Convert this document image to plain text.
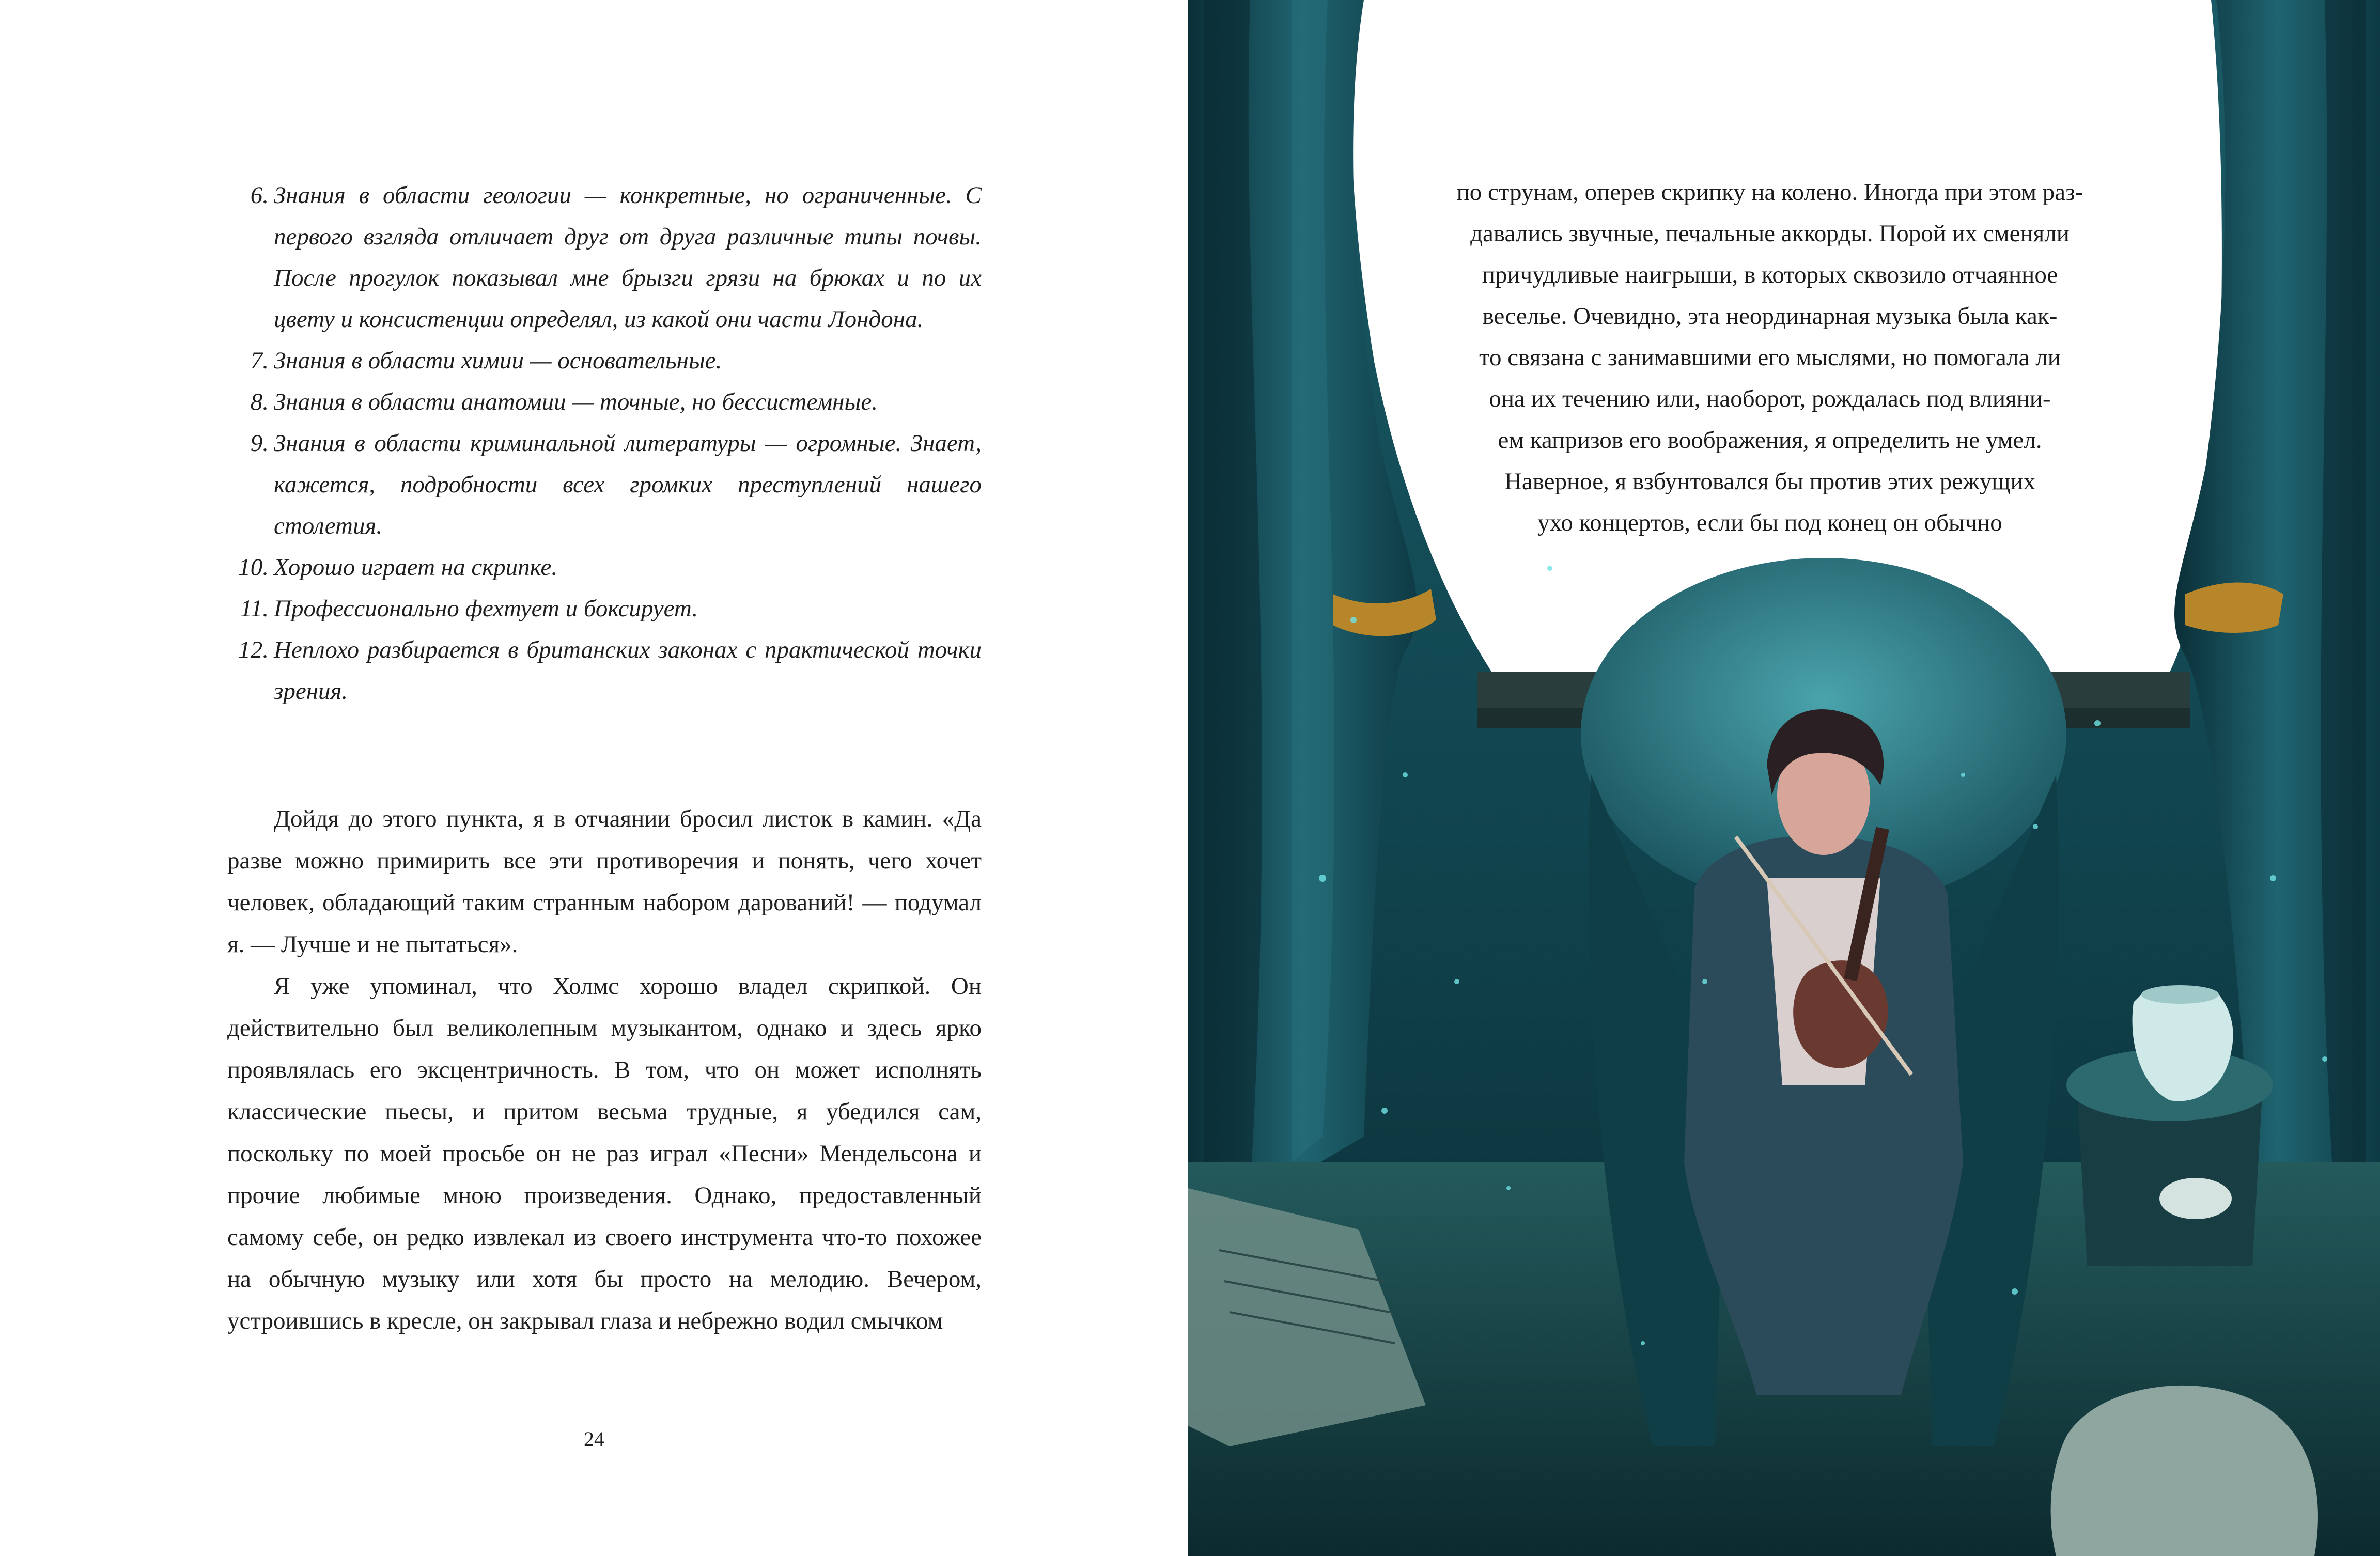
6. Знания в области геологии — конкретные, но ограниченные. С первого взгляда отличает друг от друга различные типы почвы. После прогулок показывал мне брызги грязи на брюках и по их цвету и консистенции определял, из какой они части Лондона.
7. Знания в области химии — основательные.
8. Знания в области анатомии — точные, но бессистемные.
9. Знания в области криминальной литературы — огромные. Знает, кажется, подробности всех громких преступлений нашего столетия.
10. Хорошо играет на скрипке.
11. Профессионально фехтует и боксирует.
12. Неплохо разбирается в британских законах с практической точки зрения.

Дойдя до этого пункта, я в отчаянии бросил листок в камин. «Да разве можно примирить все эти противоречия и понять, чего хочет человек, обладающий таким странным набором дарований! — подумал я. — Лучше и не пытаться».

Я уже упоминал, что Холмс хорошо владел скрипкой. Он действительно был великолепным музыкантом, однако и здесь ярко проявлялась его эксцентричность. В том, что он может исполнять классические пьесы, и притом весьма трудные, я убедился сам, поскольку по моей просьбе он не раз играл «Песни» Мендельсона и прочие любимые мною произведения. Однако, предоставленный самому себе, он редко извлекал из своего инструмента что-то похожее на обычную музыку или хотя бы просто на мелодию. Вечером, устроившись в кресле, он закрывал глаза и небрежно водил смычком

24

по струнам, оперев скрипку на колено. Иногда при этом раз-

давались звучные, печальные аккорды. Порой их сменяли

причудливые наигрыши, в которых сквозило отчаянное

веселье. Очевидно, эта неординарная музыка была как-

то связана с занимавшими его мыслями, но помогала ли

она их течению или, наоборот, рождалась под влияни-

ем капризов его воображения, я определить не умел.

Наверное, я взбунтовался бы против этих режущих

ухо концертов, если бы под конец он обычно
